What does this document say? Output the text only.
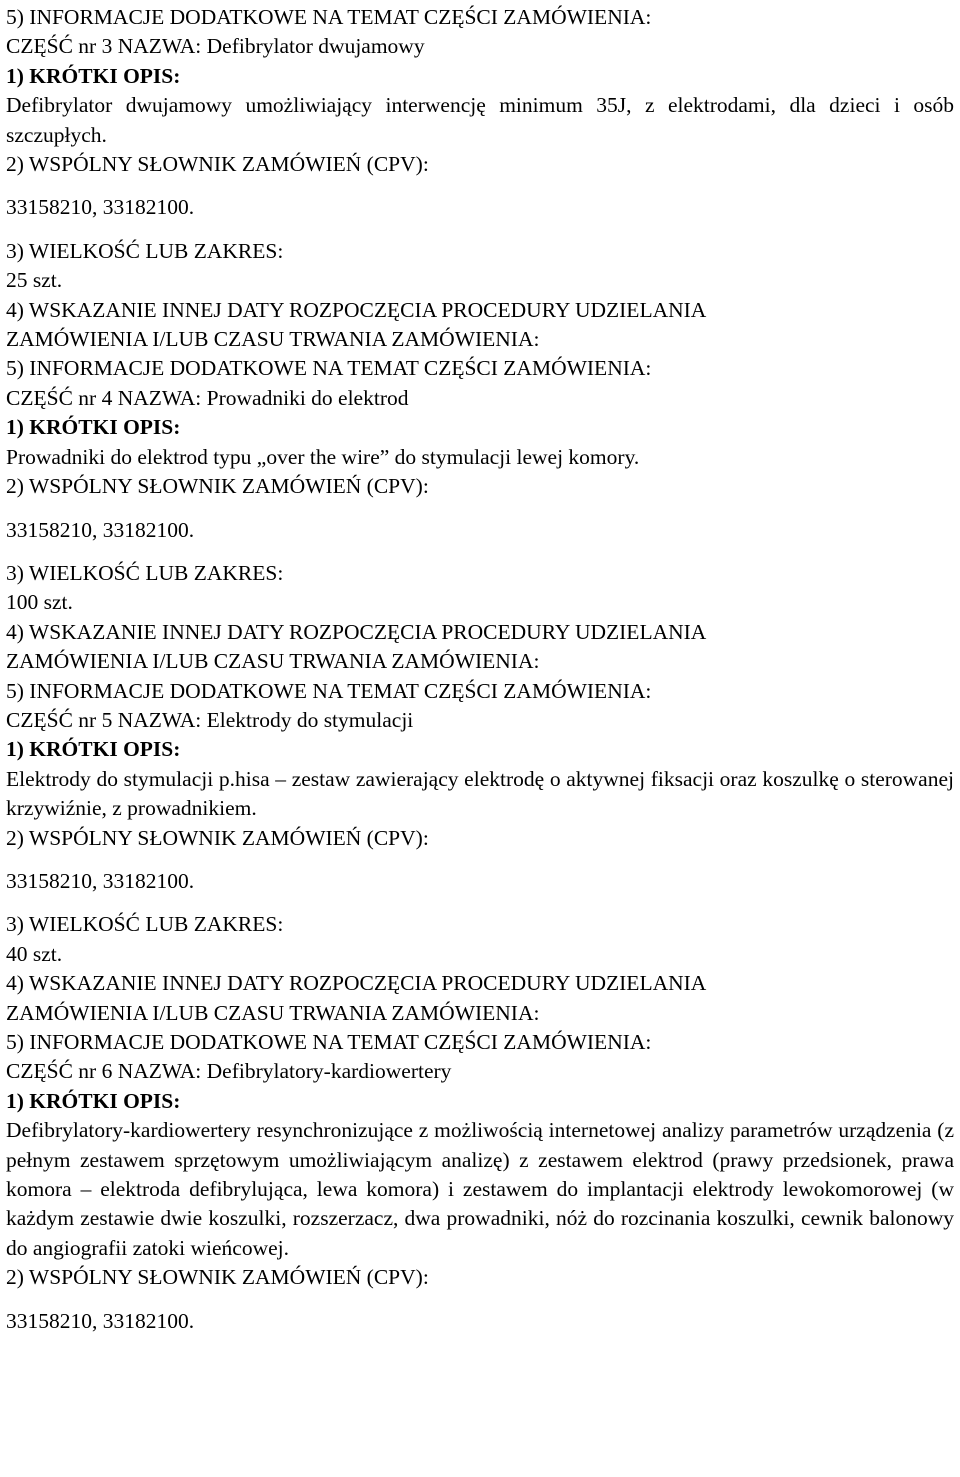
5) INFORMACJE DODATKOWE NA TEMAT CZĘŚCI ZAMÓWIENIA:
CZĘŚĆ nr 3 NAZWA: Defibrylator dwujamowy
1) KRÓTKI OPIS:
Defibrylator dwujamowy umożliwiający interwencję minimum 35J, z elektrodami, dla dzieci i osób szczupłych.
2) WSPÓLNY SŁOWNIK ZAMÓWIEŃ (CPV):
33158210, 33182100.
3) WIELKOŚĆ LUB ZAKRES:
25 szt.
4) WSKAZANIE INNEJ DATY ROZPOCZĘCIA PROCEDURY UDZIELANIA
ZAMÓWIENIA I/LUB CZASU TRWANIA ZAMÓWIENIA:
5) INFORMACJE DODATKOWE NA TEMAT CZĘŚCI ZAMÓWIENIA:
CZĘŚĆ nr 4 NAZWA: Prowadniki do elektrod
1) KRÓTKI OPIS:
Prowadniki do elektrod typu „over the wire” do stymulacji lewej komory.
2) WSPÓLNY SŁOWNIK ZAMÓWIEŃ (CPV):
33158210, 33182100.
3) WIELKOŚĆ LUB ZAKRES:
100 szt.
4) WSKAZANIE INNEJ DATY ROZPOCZĘCIA PROCEDURY UDZIELANIA
ZAMÓWIENIA I/LUB CZASU TRWANIA ZAMÓWIENIA:
5) INFORMACJE DODATKOWE NA TEMAT CZĘŚCI ZAMÓWIENIA:
CZĘŚĆ nr 5 NAZWA: Elektrody do stymulacji
1) KRÓTKI OPIS:
Elektrody do stymulacji p.hisa – zestaw zawierający elektrodę o aktywnej fiksacji oraz koszulkę o sterowanej krzywiźnie, z prowadnikiem.
2) WSPÓLNY SŁOWNIK ZAMÓWIEŃ (CPV):
33158210, 33182100.
3) WIELKOŚĆ LUB ZAKRES:
40 szt.
4) WSKAZANIE INNEJ DATY ROZPOCZĘCIA PROCEDURY UDZIELANIA
ZAMÓWIENIA I/LUB CZASU TRWANIA ZAMÓWIENIA:
5) INFORMACJE DODATKOWE NA TEMAT CZĘŚCI ZAMÓWIENIA:
CZĘŚĆ nr 6 NAZWA: Defibrylatory-kardiowertery
1) KRÓTKI OPIS:
Defibrylatory-kardiowertery resynchronizujące z możliwością internetowej analizy parametrów urządzenia (z pełnym zestawem sprzętowym umożliwiającym analizę) z zestawem elektrod (prawy przedsionek, prawa komora – elektroda defibrylująca, lewa komora) i zestawem do implantacji elektrody lewokomorowej (w każdym zestawie dwie koszulki, rozszerzacz, dwa prowadniki, nóż do rozcinania koszulki, cewnik balonowy do angiografii zatoki wieńcowej.
2) WSPÓLNY SŁOWNIK ZAMÓWIEŃ (CPV):
33158210, 33182100.
